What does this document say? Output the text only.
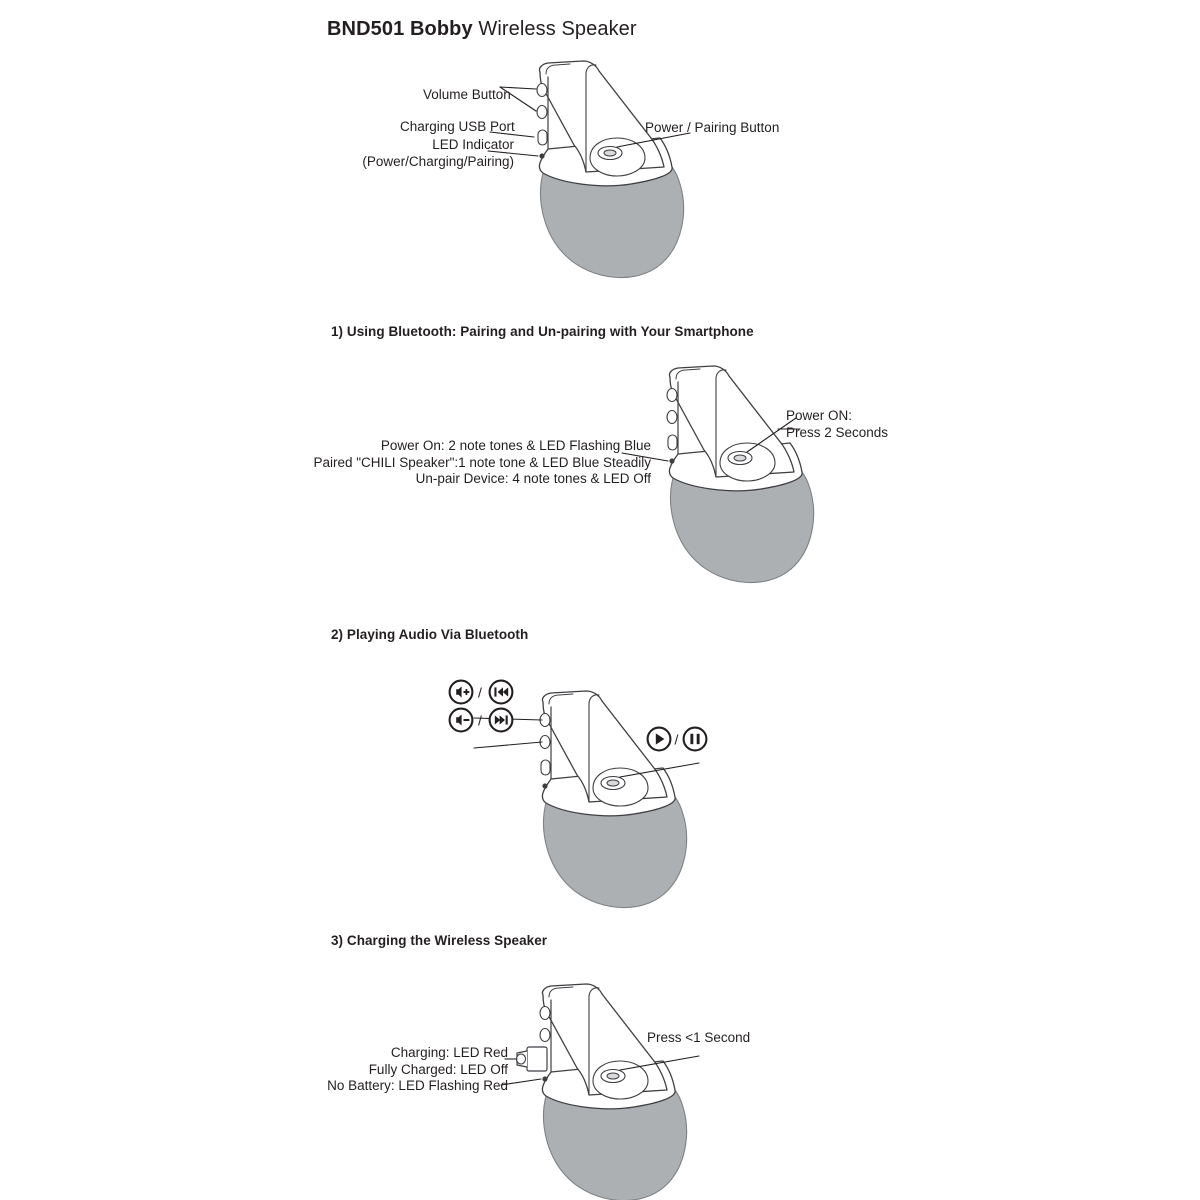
BND501 Bobby Wireless Speaker
Volume Button
Charging USB Port
LED Indicator
(Power/Charging/Pairing)
Power / Pairing Button
1) Using Bluetooth: Pairing and Un-pairing with Your Smartphone
Power On: 2 note tones & LED Flashing Blue
Paired "CHILI Speaker":1 note tone & LED Blue Steadily
Un-pair Device: 4 note tones & LED Off
Power ON:
Press 2 Seconds
2) Playing Audio Via Bluetooth
/
/
/
3) Charging the Wireless Speaker
Charging: LED Red
Fully Charged: LED Off
No Battery: LED Flashing Red
Press <1 Second
